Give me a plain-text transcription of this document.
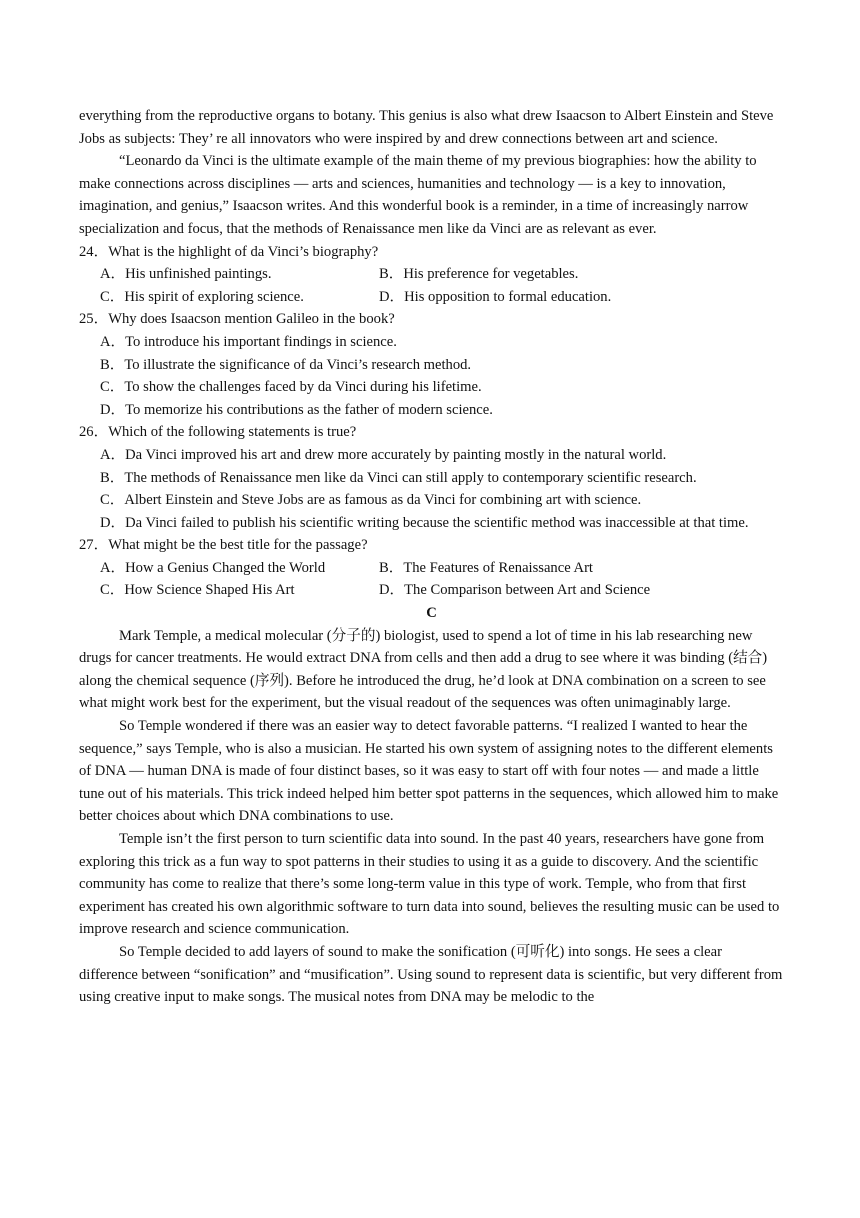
everything from the reproductive organs to botany. This genius is also what drew Isaacson to Albert Einstein and Steve Jobs as subjects: They’ re all innovators who were inspired by and drew connections between art and science.

“Leonardo da Vinci is the ultimate example of the main theme of my previous biographies: how the ability to make connections across disciplines — arts and sciences, humanities and technology — is a key to innovation, imagination, and genius,” Isaacson writes. And this wonderful book is a reminder, in a time of increasingly narrow specialization and focus, that the methods of Renaissance men like da Vinci are as relevant as ever.

24．What is the highlight of da Vinci’s biography?

A．His unfinished paintings.	B．His preference for vegetables.
C．His spirit of exploring science.	D．His opposition to formal education.

25．Why does Isaacson mention Galileo in the book?

A．To introduce his important findings in science.

B．To illustrate the significance of da Vinci’s research method.

C．To show the challenges faced by da Vinci during his lifetime.

D．To memorize his contributions as the father of modern science.

26．Which of the following statements is true?

A．Da Vinci improved his art and drew more accurately by painting mostly in the natural world.

B．The methods of Renaissance men like da Vinci can still apply to contemporary scientific research.

C．Albert Einstein and Steve Jobs are as famous as da Vinci for combining art with science.

D．Da Vinci failed to publish his scientific writing because the scientific method was inaccessible at that time.

27．What might be the best title for the passage?

A．How a Genius Changed the World	B．The Features of Renaissance Art
C．How Science Shaped His Art	D．The Comparison between Art and Science

C

Mark Temple, a medical molecular (分子的) biologist, used to spend a lot of time in his lab researching new drugs for cancer treatments. He would extract DNA from cells and then add a drug to see where it was binding (结合) along the chemical sequence (序列). Before he introduced the drug, he’d look at DNA combination on a screen to see what might work best for the experiment, but the visual readout of the sequences was often unimaginably large.

So Temple wondered if there was an easier way to detect favorable patterns. “I realized I wanted to hear the sequence,” says Temple, who is also a musician. He started his own system of assigning notes to the different elements of DNA — human DNA is made of four distinct bases, so it was easy to start off with four notes — and made a little tune out of his materials. This trick indeed helped him better spot patterns in the sequences, which allowed him to make better choices about which DNA combinations to use.

Temple isn’t the first person to turn scientific data into sound. In the past 40 years, researchers have gone from exploring this trick as a fun way to spot patterns in their studies to using it as a guide to discovery. And the scientific community has come to realize that there’s some long-term value in this type of work. Temple, who from that first experiment has created his own algorithmic software to turn data into sound, believes the resulting music can be used to improve research and science communication.

So Temple decided to add layers of sound to make the sonification (可听化) into songs. He sees a clear difference between “sonification” and “musification”. Using sound to represent data is scientific, but very different from using creative input to make songs. The musical notes from DNA may be melodic to the
